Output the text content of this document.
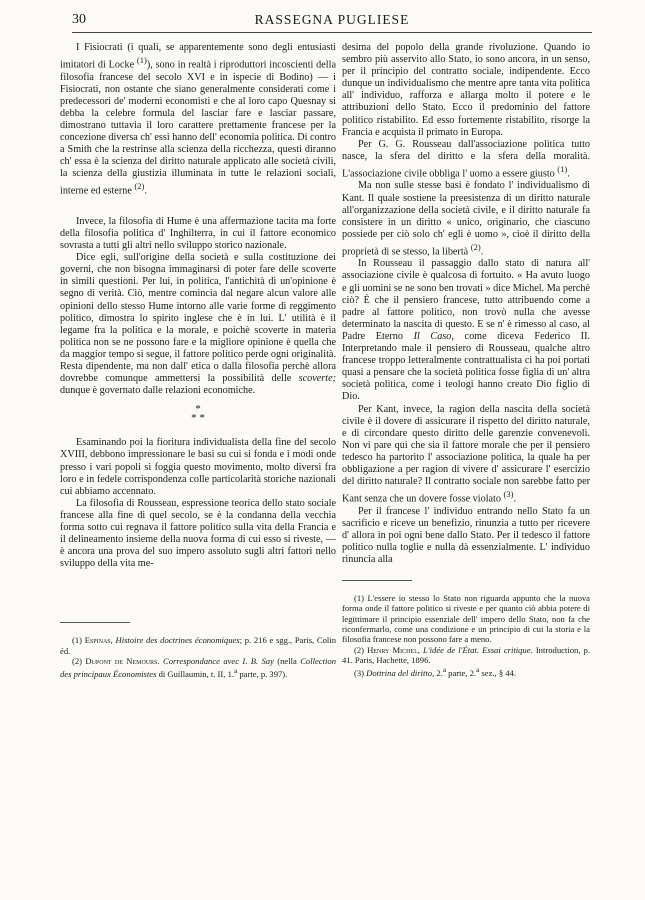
30	RASSEGNA PUGLIESE

I Fisiocrati (i quali, se apparentemente sono degli entusiasti imitatori di Locke $^{(1)}$), sono in realtà i riproduttori incoscienti della filosofia francese del secolo XVI e in ispecie di Bodino) — i Fisiocrati, non ostante che siano generalmente considerati come i predecessori de' moderni economisti e che al loro capo Quesnay si debba la celebre formula del lasciar fare e lasciar passare, dimostrano tuttavia il loro carattere prettamente francese per la concezione diversa ch' essi hanno dell' economia politica. Di contro a Smith che la restrinse alla scienza della ricchezza, questi diranno ch' essa è la scienza del diritto naturale applicato alle società civili, la scienza della giustizia illuminata in tutte le relazioni sociali, interne ed esterne $^{(2)}$.

Invece, la filosofia di Hume è una affermazione tacita ma forte della filosofia politica d' Inghilterra, in cui il fattore economico sovrasta a tutti gli altri nello sviluppo storico nazionale.

Dice egli, sull'origine della società e sulla costituzione dei governi, che non bisogna immaginarsi di poter fare delle scoverte in simili questioni. Per lui, in politica, l'antichità di un'opinione è segno di verità. Ciò, mentre comincia dal negare alcun valore alle opinioni dello stesso Hume intorno alle varie forme di reggimento politico, dimostra lo spirito inglese che è in lui. L' utilità è il legame fra la politica e la morale, e poichè scoverte in materia politica non se ne possono fare e la migliore opinione è quella che da maggior tempo si segue, il fattore politico perde ogni originalità. Resta dipendente, ma non dall' etica o dalla filosofia perchè allora dovrebbe comunque ammettersi la possibilità delle scoverte; dunque è governato dalle relazioni economiche.

*
* *

Esaminando poi la fioritura individualista della fine del secolo XVIII, debbono impressionare le basi su cui si fonda e i modi onde presso i vari popoli si foggia questo movimento, molto diversi fra loro e in fedele corrispondenza colle particolarità storiche nazionali cui abbiamo accennato.

La filosofia di Rousseau, espressione teorica dello stato sociale francese alla fine di quel secolo, se è la condanna della vecchia forma sotto cui regnava il fattore politico sulla vita della Francia e il delineamento insieme della nuova forma di cui esso si riveste, — è ancora una prova del suo impero assoluto sugli altri fattori nello sviluppo della vita me-

(1) Espinas, Histoire des doctrines économiques; p. 216 e sgg., Paris, Colin éd.

(2) Dupont de Nemours. Correspondance avec I. B. Say (nella Collection des principaux Économistes di Guillaumin, t. II, 1.$^a$ parte, p. 397).

desima del popolo della grande rivoluzione. Quando io sembro più asservito allo Stato, io sono ancora, in un senso, per il principio del contratto sociale, indipendente. Ecco dunque un individualismo che mentre apre tanta vita politica all' individuo, rafforza e allarga molto il potere e le attribuzioni dello Stato. Ecco il predominio del fattore politico ristabilito. Ed esso fortemente ristabilito, risorge la Francia e acquista il primato in Europa.

Per G. G. Rousseau dall'associazione politica tutto nasce, la sfera del diritto e la sfera della moralità. L'associazione civile obbliga l' uomo a essere giusto $^{(1)}$.

Ma non sulle stesse basi è fondato l' individualismo di Kant. Il quale sostiene la preesistenza di un diritto naturale all'organizzazione della società civile, e il diritto naturale fa consistere in un diritto « unico, originario, che ciascuno possiede per ciò solo ch' egli è uomo », cioè il diritto della proprietà di se stesso, la libertà $^{(2)}$.

In Rousseau il passaggio dallo stato di natura all' associazione civile è qualcosa di fortuito. « Ha avuto luogo e gli uomini se ne sono ben trovati » dice Michel. Ma perchè ciò? È che il pensiero francese, tutto attribuendo come a padre al fattore politico, non trovò nulla che avesse determinato la nascita di questo. E se n' è rimesso al caso, al Padre Eterno Il Caso, come diceva Federico II. Interpretando male il pensiero di Rousseau, qualche altro francese troppo letteralmente contrattualista ci ha poi portati quasi a pensare che la società politica fosse figlia di un' altra società politica, come i teologi hanno creato Dio figlio di Dio.

Per Kant, invece, la ragion della nascita della società civile è il dovere di assicurare il rispetto del diritto naturale, e di circondare questo diritto delle garenzie convenevoli. Non vi pare qui che sia il fattore morale che per il pensiero tedesco ha partorito l' associazione politica, la quale ha per obbligazione a per ragion di vivere d' assicurare l' esercizio del diritto naturale? Il contratto sociale non sarebbe fatto per Kant senza che un dovere fosse violato $^{(3)}$.

Per il francese l' individuo entrando nello Stato fa un sacrificio e riceve un benefizio, rinunzia a tutto per ricevere d' allora in poi ogni bene dallo Stato. Per il tedesco il fattore politico nulla toglie e nulla dà essenzialmente. L' individuo rinuncia alla

(1) L'essere io stesso lo Stato non riguarda appunto che la nuova forma onde il fattore politico si riveste e per quanto ciò abbia potere di legittimare il principio essenziale dell' impero dello Stato, non fa che riconfermarlo, come una condizione e un principio di cui la storia e la filosofia francese non possono fare a meno.

(2) Henry Michel, L'idée de l'État. Essai critique. Introduction, p. 41. Paris, Hachette, 1896.

(3) Dottrina del diritto, 2.$^a$ parte, 2.$^a$ sez., § 44.
